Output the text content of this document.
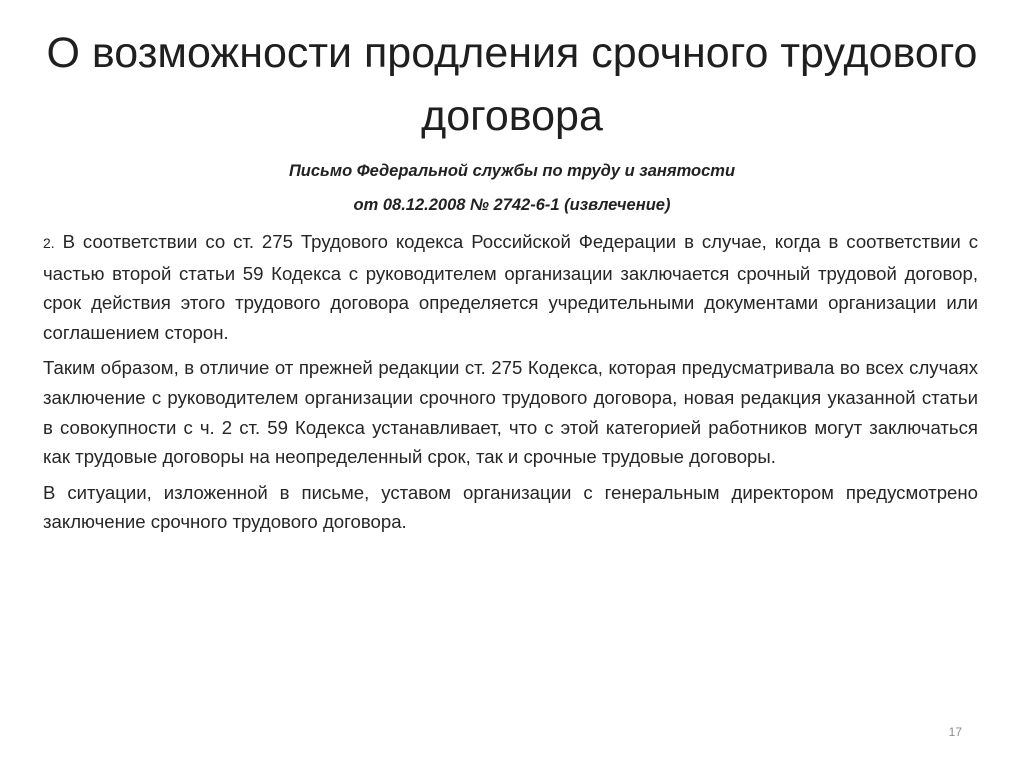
О возможности продления срочного трудового договора
Письмо Федеральной службы по труду и занятости
от 08.12.2008 № 2742-6-1 (извлечение)

2. В соответствии со ст. 275 Трудового кодекса Российской Федерации в случае, когда в соответствии с частью второй статьи 59 Кодекса с руководителем организации заключается срочный трудовой договор, срок действия этого трудового договора определяется учредительными документами организации или соглашением сторон.

Таким образом, в отличие от прежней редакции ст. 275 Кодекса, которая предусматривала во всех случаях заключение с руководителем организации срочного трудового договора, новая редакция указанной статьи в совокупности с ч. 2 ст. 59 Кодекса устанавливает, что с этой категорией работников могут заключаться как трудовые договоры на неопределенный срок, так и срочные трудовые договоры.

В ситуации, изложенной в письме, уставом организации с генеральным директором предусмотрено заключение срочного трудового договора.

17
